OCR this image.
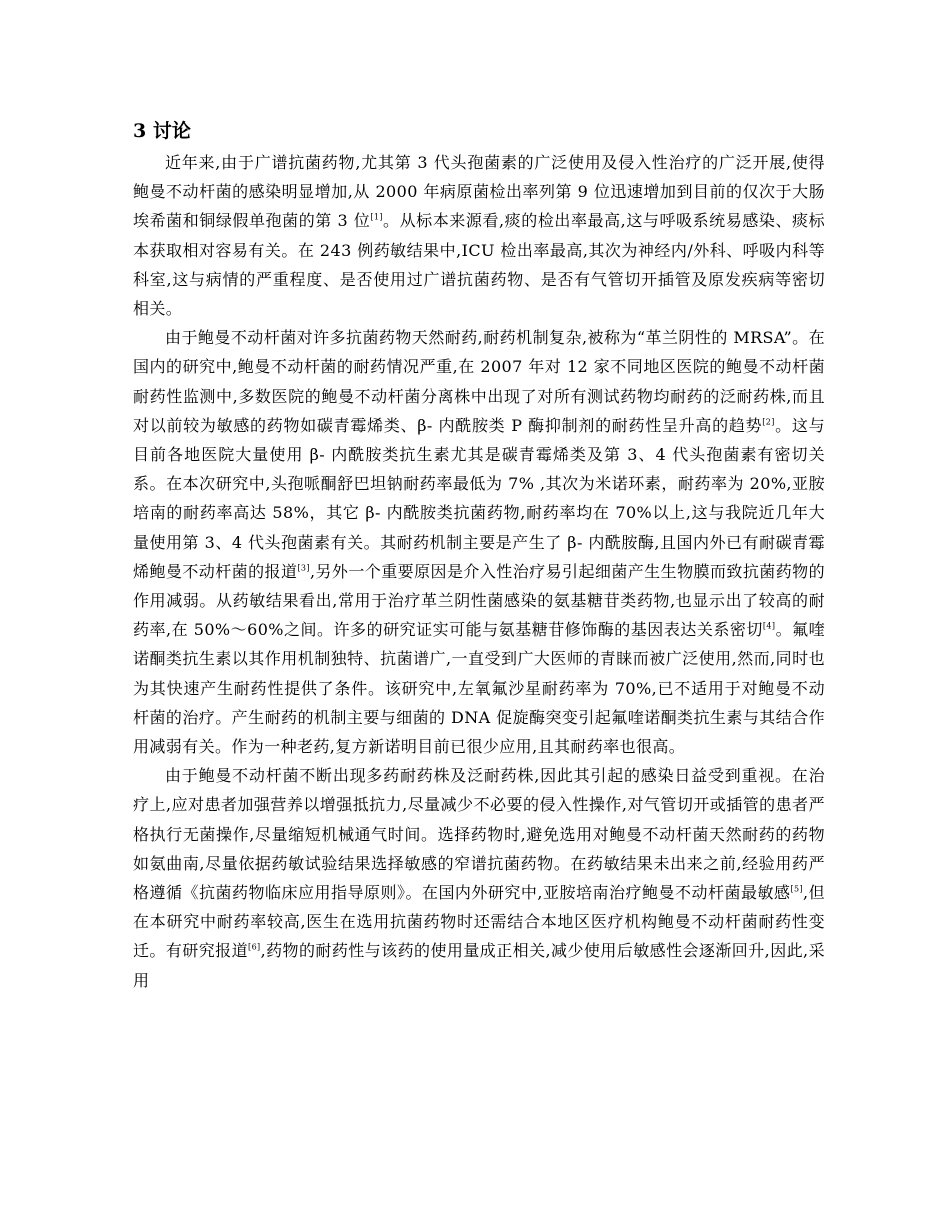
3 讨论

近年来,由于广谱抗菌药物,尤其第 3 代头孢菌素的广泛使用及侵入性治疗的广泛开展,使得鲍曼不动杆菌的感染明显增加,从 2000 年病原菌检出率列第 9 位迅速增加到目前的仅次于大肠埃希菌和铜绿假单孢菌的第 3 位[1]。从标本来源看,痰的检出率最高,这与呼吸系统易感染、痰标本获取相对容易有关。在 243 例药敏结果中,ICU 检出率最高,其次为神经内/外科、呼吸内科等科室,这与病情的严重程度、是否使用过广谱抗菌药物、是否有气管切开插管及原发疾病等密切相关。

由于鲍曼不动杆菌对许多抗菌药物天然耐药,耐药机制复杂,被称为“革兰阴性的 MRSA”。在国内的研究中,鲍曼不动杆菌的耐药情况严重,在 2007 年对 12 家不同地区医院的鲍曼不动杆菌耐药性监测中,多数医院的鲍曼不动杆菌分离株中出现了对所有测试药物均耐药的泛耐药株,而且对以前较为敏感的药物如碳青霉烯类、β- 内酰胺类 P 酶抑制剂的耐药性呈升高的趋势[2]。这与目前各地医院大量使用 β- 内酰胺类抗生素尤其是碳青霉烯类及第 3、4 代头孢菌素有密切关系。在本次研究中,头孢哌酮舒巴坦钠耐药率最低为 7% ,其次为米诺环素，耐药率为 20%,亚胺培南的耐药率高达 58%，其它 β- 内酰胺类抗菌药物,耐药率均在 70%以上,这与我院近几年大量使用第 3、4 代头孢菌素有关。其耐药机制主要是产生了 β- 内酰胺酶,且国内外已有耐碳青霉烯鲍曼不动杆菌的报道[3],另外一个重要原因是介入性治疗易引起细菌产生生物膜而致抗菌药物的作用减弱。从药敏结果看出,常用于治疗革兰阴性菌感染的氨基糖苷类药物,也显示出了较高的耐药率,在 50%～60%之间。许多的研究证实可能与氨基糖苷修饰酶的基因表达关系密切[4]。氟喹诺酮类抗生素以其作用机制独特、抗菌谱广,一直受到广大医师的青睐而被广泛使用,然而,同时也为其快速产生耐药性提供了条件。该研究中,左氧氟沙星耐药率为 70%,已不适用于对鲍曼不动杆菌的治疗。产生耐药的机制主要与细菌的 DNA 促旋酶突变引起氟喹诺酮类抗生素与其结合作用减弱有关。作为一种老药,复方新诺明目前已很少应用,且其耐药率也很高。

由于鲍曼不动杆菌不断出现多药耐药株及泛耐药株,因此其引起的感染日益受到重视。在治疗上,应对患者加强营养以增强抵抗力,尽量减少不必要的侵入性操作,对气管切开或插管的患者严格执行无菌操作,尽量缩短机械通气时间。选择药物时,避免选用对鲍曼不动杆菌天然耐药的药物如氨曲南,尽量依据药敏试验结果选择敏感的窄谱抗菌药物。在药敏结果未出来之前,经验用药严格遵循《抗菌药物临床应用指导原则》。在国内外研究中,亚胺培南治疗鲍曼不动杆菌最敏感[5],但在本研究中耐药率较高,医生在选用抗菌药物时还需结合本地区医疗机构鲍曼不动杆菌耐药性变迁。有研究报道[6],药物的耐药性与该药的使用量成正相关,减少使用后敏感性会逐渐回升,因此,采用
